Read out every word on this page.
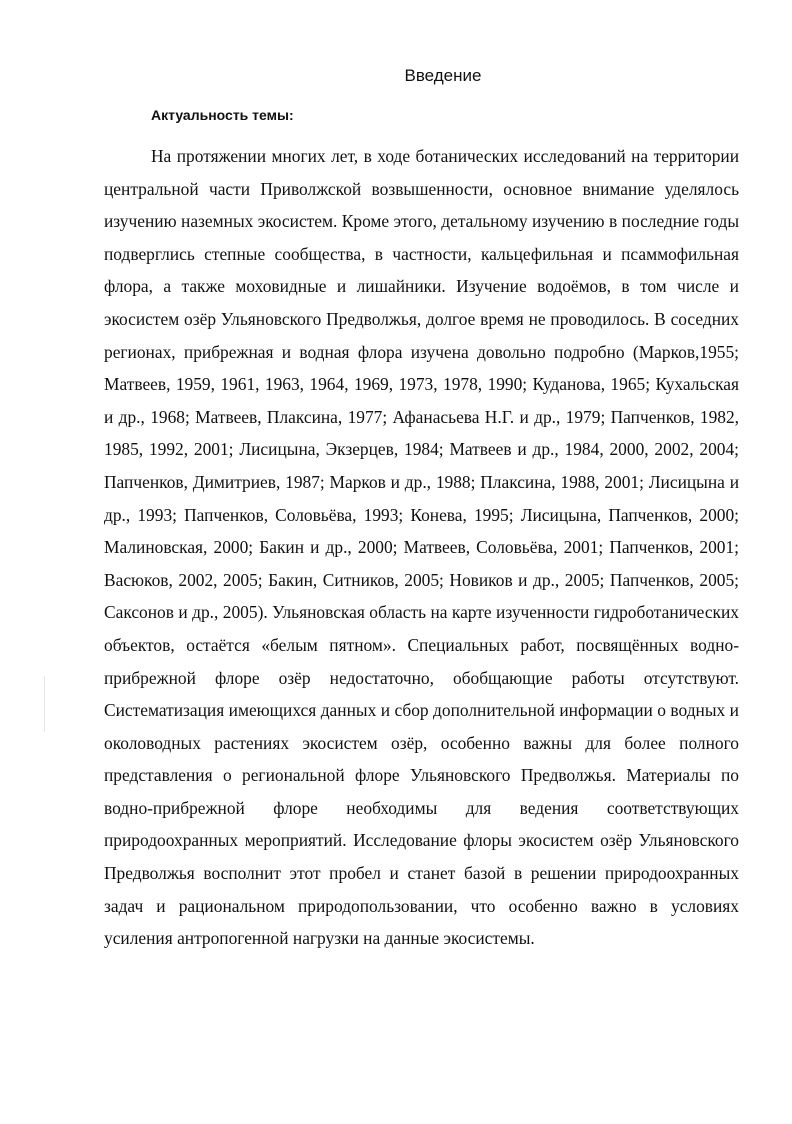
Введение
Актуальность темы:

На протяжении многих лет, в ходе ботанических исследований на территории центральной части Приволжской возвышенности, основное внимание уделялось изучению наземных экосистем. Кроме этого, детальному изучению в последние годы подверглись степные сообщества, в частности, кальцефильная и псаммофильная флора, а также моховидные и лишайники. Изучение водоёмов, в том числе и экосистем озёр Ульяновского Предволжья, долгое время не проводилось. В соседних регионах, прибрежная и водная флора изучена довольно подробно (Марков,1955; Матвеев, 1959, 1961, 1963, 1964, 1969, 1973, 1978, 1990; Куданова, 1965; Кухальская и др., 1968; Матвеев, Плаксина, 1977; Афанасьева Н.Г. и др., 1979; Папченков, 1982, 1985, 1992, 2001; Лисицына, Экзерцев, 1984; Матвеев и др., 1984, 2000, 2002, 2004; Папченков, Димитриев, 1987; Марков и др., 1988; Плаксина, 1988, 2001; Лисицына и др., 1993; Папченков, Соловьёва, 1993; Конева, 1995; Лисицына, Папченков, 2000; Малиновская, 2000; Бакин и др., 2000; Матвеев, Соловьёва, 2001; Папченков, 2001; Васюков, 2002, 2005; Бакин, Ситников, 2005; Новиков и др., 2005; Папченков, 2005; Саксонов и др., 2005). Ульяновская область на карте изученности гидроботанических объектов, остаётся «белым пятном». Специальных работ, посвящённых водно-прибрежной флоре озёр недостаточно, обобщающие работы отсутствуют. Систематизация имеющихся данных и сбор дополнительной информации о водных и околоводных растениях экосистем озёр, особенно важны для более полного представления о региональной флоре Ульяновского Предволжья. Материалы по водно-прибрежной флоре необходимы для ведения соответствующих природоохранных мероприятий. Исследование флоры экосистем озёр Ульяновского Предволжья восполнит этот пробел и станет базой в решении природоохранных задач и рациональном природопользовании, что особенно важно в условиях усиления антропогенной нагрузки на данные экосистемы.
